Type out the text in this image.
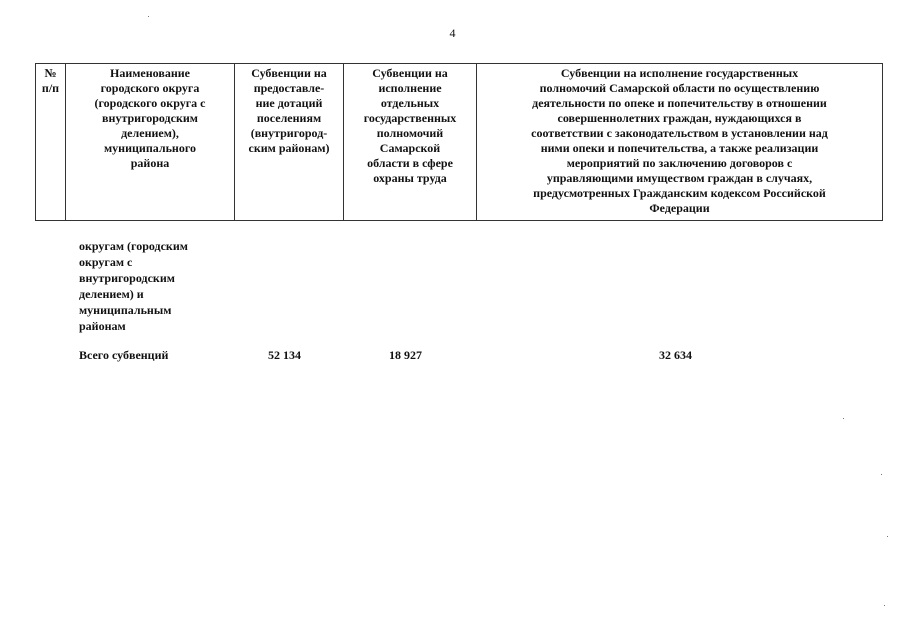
4
№
п/п	Наименование
городского округа
(городского округа с
внутригородским
делением),
муниципального
района	Субвенции на
предоставле-
ние дотаций
поселениям
(внутригород-
ским районам)	Субвенции на
исполнение
отдельных
государственных
полномочий
Самарской
области в сфере
охраны труда	Субвенции на исполнение государственных
полномочий Самарской области по осуществлению
деятельности по опеке и попечительству в отношении
совершеннолетних граждан, нуждающихся в
соответствии с законодательством в установлении над
ними опеки и попечительства, а также реализации
мероприятий по заключению договоров с
управляющими имуществом граждан в случаях,
предусмотренных Гражданским кодексом Российской
Федерации
округам (городским
округам с
внутригородским
делением) и
муниципальным
районам
Всего субвенций	52 134	18 927	32 634
